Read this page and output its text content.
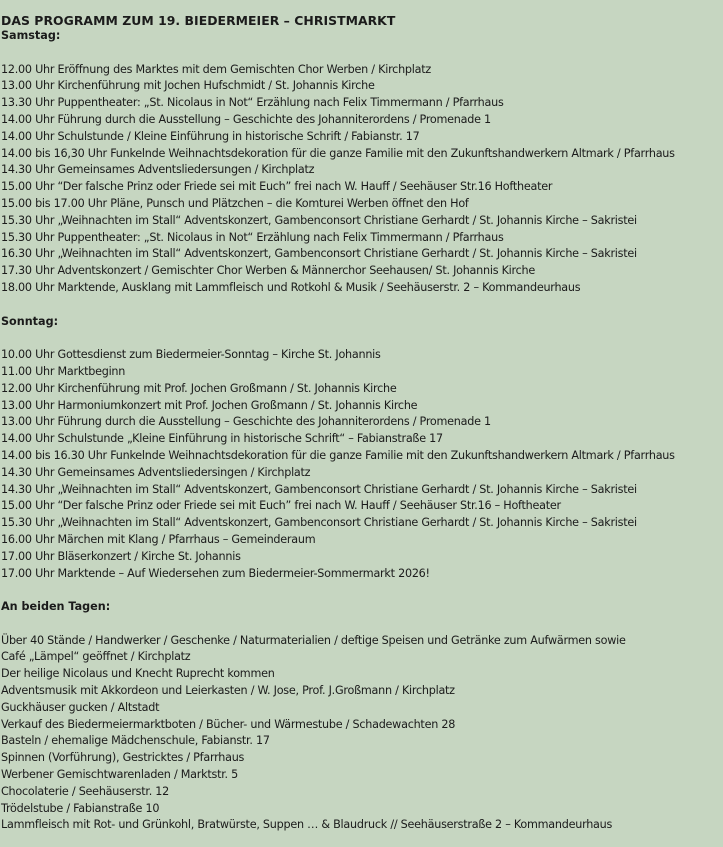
DAS PROGRAMM ZUM 19. BIEDERMEIER – CHRISTMARKT
Samstag:
12.00 Uhr Eröffnung des Marktes mit dem Gemischten Chor Werben / Kirchplatz
13.00 Uhr Kirchenführung mit Jochen Hufschmidt / St. Johannis Kirche
13.30 Uhr Puppentheater: „St. Nicolaus in Not“ Erzählung nach Felix Timmermann / Pfarrhaus
14.00 Uhr Führung durch die Ausstellung – Geschichte des Johanniterordens / Promenade 1
14.00 Uhr Schulstunde / Kleine Einführung in historische Schrift / Fabianstr. 17
14.00 bis 16,30 Uhr Funkelnde Weihnachtsdekoration für die ganze Familie mit den Zukunftshandwerkern Altmark / Pfarrhaus
14.30 Uhr Gemeinsames Adventsliedersungen / Kirchplatz
15.00 Uhr “Der falsche Prinz oder Friede sei mit Euch” frei nach W. Hauff / Seehäuser Str.16 Hoftheater
15.00 bis 17.00 Uhr Pläne, Punsch und Plätzchen – die Komturei Werben öffnet den Hof
15.30 Uhr „Weihnachten im Stall“ Adventskonzert, Gambenconsort Christiane Gerhardt / St. Johannis Kirche – Sakristei
15.30 Uhr Puppentheater: „St. Nicolaus in Not“ Erzählung nach Felix Timmermann / Pfarrhaus
16.30 Uhr „Weihnachten im Stall“ Adventskonzert, Gambenconsort Christiane Gerhardt / St. Johannis Kirche – Sakristei
17.30 Uhr Adventskonzert / Gemischter Chor Werben & Männerchor Seehausen/ St. Johannis Kirche
18.00 Uhr Marktende, Ausklang mit Lammfleisch und Rotkohl & Musik / Seehäuserstr. 2 – Kommandeurhaus
Sonntag:
10.00 Uhr Gottesdienst zum Biedermeier-Sonntag – Kirche St. Johannis
11.00 Uhr Marktbeginn
12.00 Uhr Kirchenführung mit Prof. Jochen Großmann / St. Johannis Kirche
13.00 Uhr Harmoniumkonzert mit Prof. Jochen Großmann / St. Johannis Kirche
13.00 Uhr Führung durch die Ausstellung – Geschichte des Johanniterordens / Promenade 1
14.00 Uhr Schulstunde „Kleine Einführung in historische Schrift“ – Fabianstraße 17
14.00 bis 16.30 Uhr Funkelnde Weihnachtsdekoration für die ganze Familie mit den Zukunftshandwerkern Altmark / Pfarrhaus
14.30 Uhr Gemeinsames Adventsliedersingen / Kirchplatz
14.30 Uhr „Weihnachten im Stall“ Adventskonzert, Gambenconsort Christiane Gerhardt / St. Johannis Kirche – Sakristei
15.00 Uhr “Der falsche Prinz oder Friede sei mit Euch” frei nach W. Hauff / Seehäuser Str.16 – Hoftheater
15.30 Uhr „Weihnachten im Stall“ Adventskonzert, Gambenconsort Christiane Gerhardt / St. Johannis Kirche – Sakristei
16.00 Uhr Märchen mit Klang / Pfarrhaus – Gemeinderaum
17.00 Uhr Bläserkonzert / Kirche St. Johannis
17.00 Uhr Marktende – Auf Wiedersehen zum Biedermeier-Sommermarkt 2026!
An beiden Tagen:
Über 40 Stände / Handwerker / Geschenke / Naturmaterialien / deftige Speisen und Getränke zum Aufwärmen sowie
Café „Lämpel“ geöffnet / Kirchplatz
Der heilige Nicolaus und Knecht Ruprecht kommen
Adventsmusik mit Akkordeon und Leierkasten / W. Jose, Prof. J.Großmann / Kirchplatz
Guckhäuser gucken / Altstadt
Verkauf des Biedermeiermarktboten / Bücher- und Wärmestube / Schadewachten 28
Basteln / ehemalige Mädchenschule, Fabianstr. 17
Spinnen (Vorführung), Gestricktes / Pfarrhaus
Werbener Gemischtwarenladen / Marktstr. 5
Chocolaterie / Seehäuserstr. 12
Trödelstube / Fabianstraße 10
Lammfleisch mit Rot- und Grünkohl, Bratwürste, Suppen … & Blaudruck // Seehäuserstraße 2 – Kommandeurhaus
